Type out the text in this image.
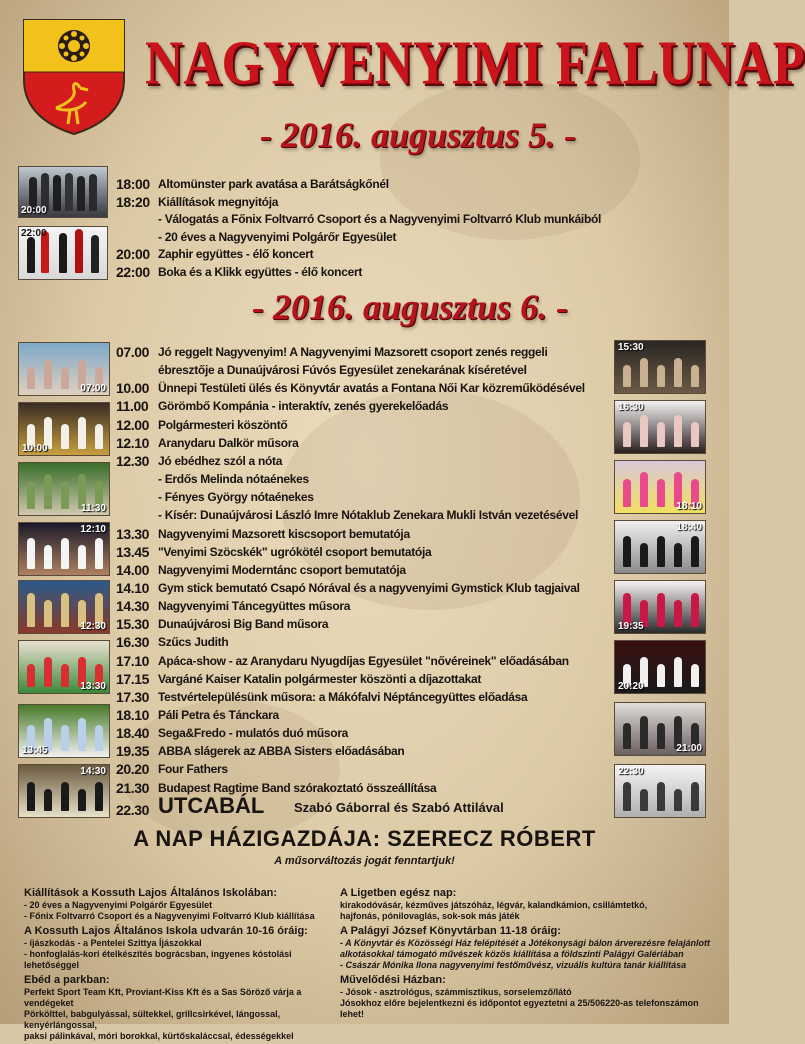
NAGYVENYIMI FALUNAP
- 2016. augusztus 5. -
20:00
22:00
18:00 Altomünster park avatása a Barátságkőnél
18:20 Kiállítások megnyitója
- Válogatás a Főnix Foltvarró Csoport és a Nagyvenyimi Foltvarró Klub munkáiból
- 20 éves a Nagyvenyimi Polgárőr Egyesület
20:00 Zaphir együttes - élő koncert
22:00 Boka és a Klikk együttes - élő koncert
- 2016. augusztus 6. -
07:00
10:00
11:30
12:10
12:30
13:30
13:45
14:30
15:30
16:30
18:10
18:40
19:35
20:20
21:00
22:30
07.00 Jó reggelt Nagyvenyim! A Nagyvenyimi Mazsorett csoport zenés reggeli
ébresztője a Dunaújvárosi Fúvós Egyesület zenekarának kíséretével
10.00 Ünnepi Testületi ülés és Könyvtár avatás a Fontana Női Kar közreműködésével
11.00 Görömbő Kompánia - interaktív, zenés gyerekelőadás
12.00 Polgármesteri köszöntő
12.10 Aranydaru Dalkör műsora
12.30 Jó ebédhez szól a nóta
- Erdős Melinda nótaénekes
- Fényes György nótaénekes
- Kísér: Dunaújvárosi László Imre Nótaklub Zenekara Mukli István vezetésével
13.30 Nagyvenyimi Mazsorett kiscsoport bemutatója
13.45 "Venyimi Szöcskék" ugrókötél csoport bemutatója
14.00 Nagyvenyimi Moderntánc csoport bemutatója
14.10 Gym stick bemutató Csapó Nórával és a nagyvenyimi Gymstick Klub tagjaival
14.30 Nagyvenyimi Táncegyüttes műsora
15.30 Dunaújvárosi Big Band műsora
16.30 Szűcs Judith
17.10 Apáca-show - az Aranydaru Nyugdíjas Egyesület "nővéreinek" előadásában
17.15 Vargáné Kaiser Katalin polgármester köszönti a díjazottakat
17.30 Testvértelepülésünk műsora: a Mákófalvi Néptáncegyüttes előadása
18.10 Páli Petra és Tánckara
18.40 Sega&Fredo - mulatós duó műsora
19.35 ABBA slágerek az ABBA Sisters előadásában
20.20 Four Fathers
21.30 Budapest Ragtime Band szórakoztató összeállítása
22.30 UTCABÁL Szabó Gáborral és Szabó Attilával
A NAP HÁZIGAZDÁJA: SZERECZ RÓBERT
A műsorváltozás jogát fenntartjuk!
Kiállítások a Kossuth Lajos Általános Iskolában:
- 20 éves a Nagyvenyimi Polgárőr Egyesület
- Főnix Foltvarró Csoport és a Nagyvenyimi Foltvarró Klub kiállítása
A Kossuth Lajos Általános Iskola udvarán 10-16 óráig:
- íjászkodás - a Pentelei Szittya Íjászokkal
- honfoglalás-kori ételkészítés bográcsban, ingyenes kóstolási lehetőséggel
Ebéd a parkban:
Perfekt Sport Team Kft, Proviant-Kiss Kft és a Sas Söröző várja a vendégeket
Pörkölttel, babgulyással, sültekkel, grillcsirkével, lángossal, kenyérlángossal,
paksi pálinkával, móri borokkal, kürtőskaláccsal, édességekkel
A Ligetben egész nap:
kirakodóvásár, kézműves játszóház, légvár, kalandkámion, csillámtetkó,
hajfonás, pónilovaglás, sok-sok más játék
A Palágyi József Könyvtárban 11-18 óráig:
- A Könyvtár és Közösségi Ház felépítését a Jótékonysági bálon árverezésre felajánlott
alkotásokkal támogató művészek közös kiállítása a földszinti Palágyi Galériában
- Császár Mónika Ilona nagyvenyimi festőművész, vizuális kultúra tanár kiállítása
Művelődési Házban:
- Jósok - asztrológus, számmisztikus, sorselemző/látó
Jósokhoz előre bejelentkezni és időpontot egyeztetni a 25/506220-as telefonszámon lehet!
